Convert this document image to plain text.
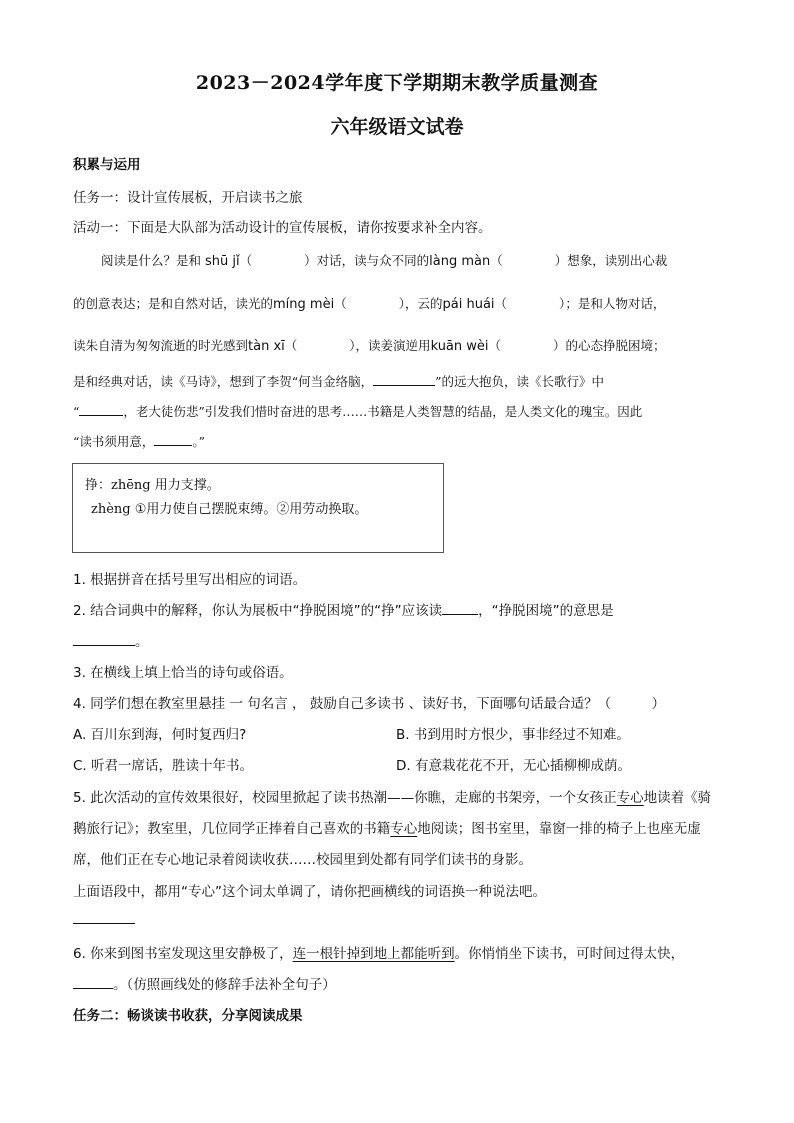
2023－2024学年度下学期期末教学质量测查
六年级语文试卷
积累与运用
任务一：设计宣传展板，开启读书之旅
活动一：下面是大队部为活动设计的宣传展板，请你按要求补全内容。
阅读是什么？是和 shū jǐ（	）对话，读与众不同的làng màn（	）想象，读别出心裁
的创意表达；是和自然对话，读光的míng mèi（	），云的pái huái（	）；是和人物对话，
读朱自清为匆匆流逝的时光感到tàn xī（	），读姜演逆用kuān wèi（	）的心态挣脱困境；
是和经典对话，读《马诗》，想到了李贺“何当金络脑，	”的远大抱负，读《长歌行》中
“	，老大徒伤悲”引发我们惜时奋进的思考……书籍是人类智慧的结晶，是人类文化的瑰宝。因此
“读书须用意，	。”
挣：zhēng 用力支撑。
zhèng ①用力使自己摆脱束缚。②用劳动换取。
1. 根据拼音在括号里写出相应的词语。
2. 结合词典中的解释，你认为展板中“挣脱困境”的“挣”应该读	，“挣脱困境”的意思是
。
3. 在横线上填上恰当的诗句或俗语。
4. 同学们想在教室里悬挂 一 句名言 ， 鼓励自己多读书 、读好书，下面哪句话最合适？（　　　）
A. 百川东到海，何时复西归?	B. 书到用时方恨少，事非经过不知难。
C. 听君一席话，胜读十年书。	D. 有意栽花花不开，无心插柳柳成荫。
5. 此次活动的宣传效果很好，校园里掀起了读书热潮——你瞧，走廊的书架旁，一个女孩正专心地读着《骑
鹅旅行记》；教室里，几位同学正捧着自己喜欢的书籍专心地阅读；图书室里，靠窗一排的椅子上也座无虚
席，他们正在专心地记录着阅读收获……校园里到处都有同学们读书的身影。
上面语段中，都用“专心”这个词太单调了，请你把画横线的词语换一种说法吧。
6. 你来到图书室发现这里安静极了，连一根针掉到地上都能听到。你悄悄坐下读书，可时间过得太快，
。（仿照画线处的修辞手法补全句子）
任务二：畅谈读书收获，分享阅读成果
